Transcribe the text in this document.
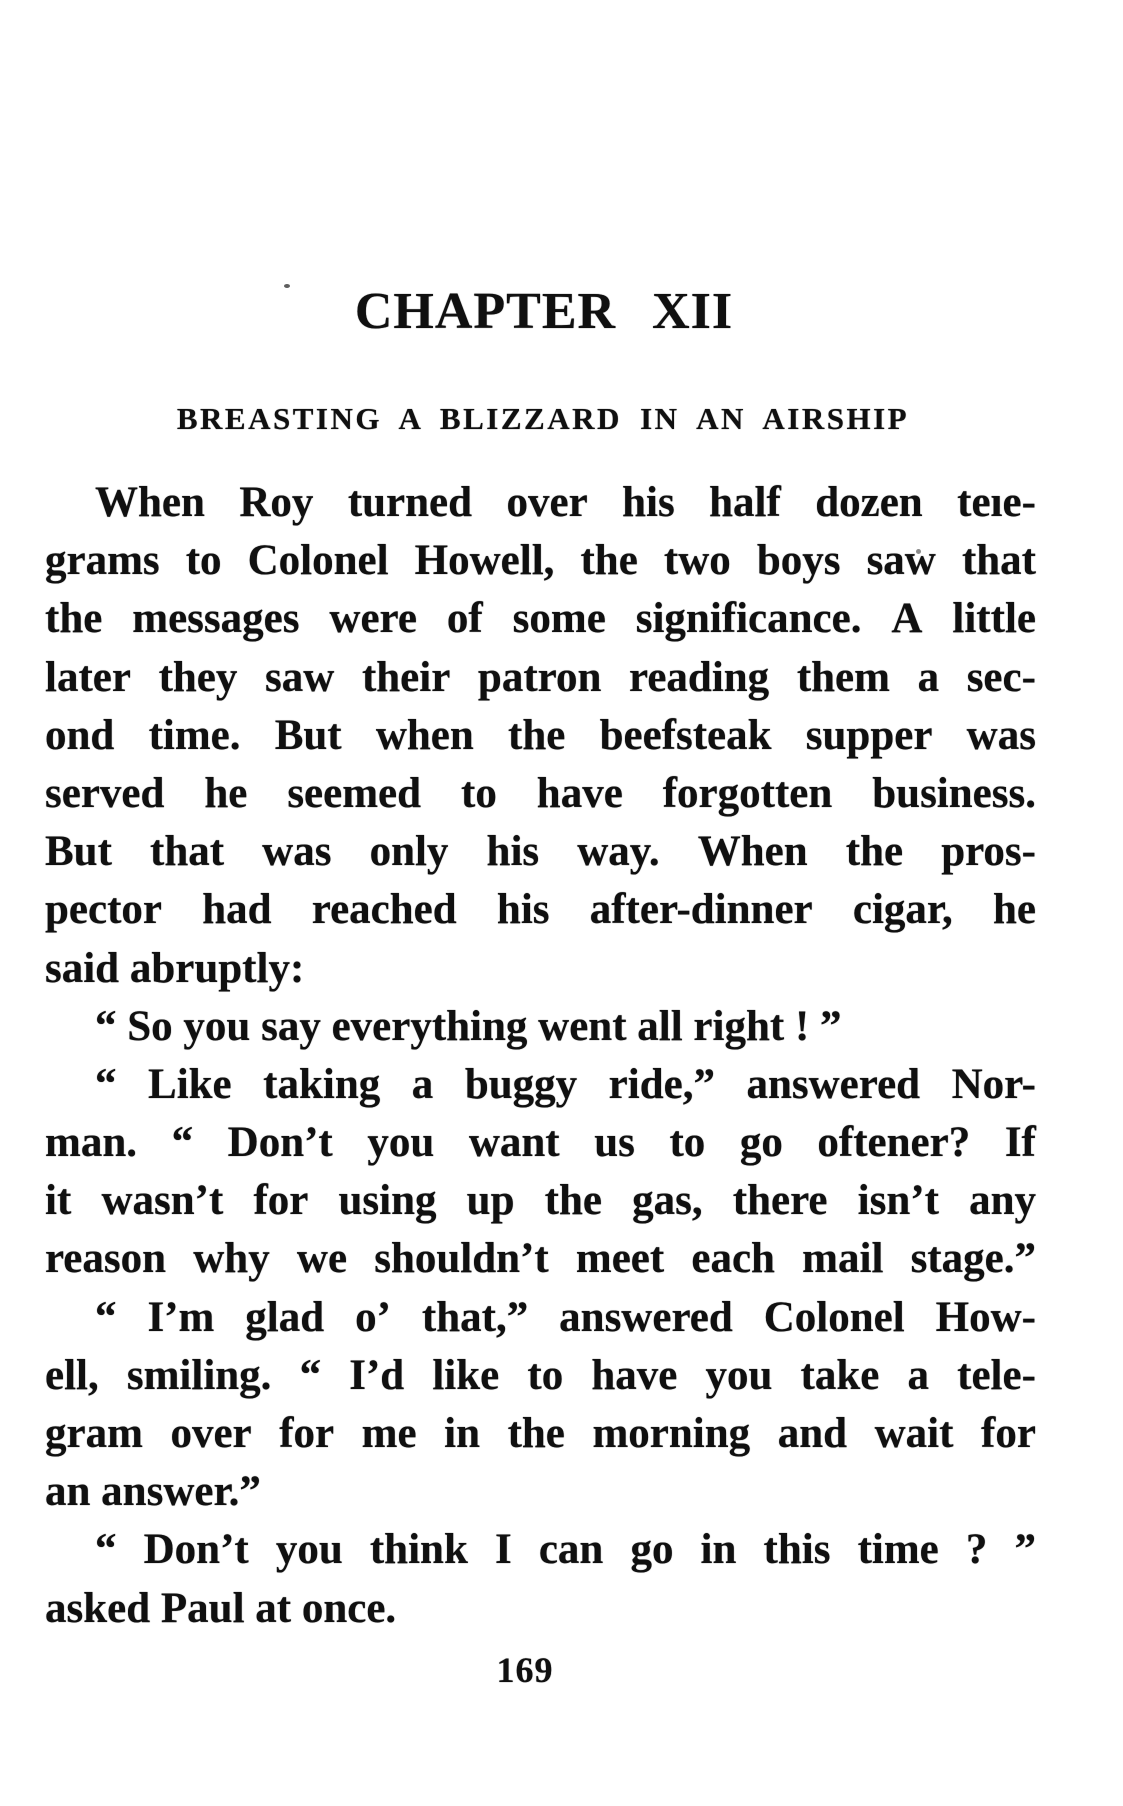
CHAPTER XII
BREASTING A BLIZZARD IN AN AIRSHIP
When Roy turned over his half dozen teıe-
grams to Colonel Howell, the two boys saw that
the messages were of some significance. A little
later they saw their patron reading them a sec-
ond time. But when the beefsteak supper was
served he seemed to have forgotten business.
But that was only his way. When the pros-
pector had reached his after-dinner cigar, he
said abruptly:
“ So you say everything went all right ! ”
“ Like taking a buggy ride,” answered Nor-
man. “ Don’t you want us to go oftener? If
it wasn’t for using up the gas, there isn’t any
reason why we shouldn’t meet each mail stage.”
“ I’m glad o’ that,” answered Colonel How-
ell, smiling. “ I’d like to have you take a tele-
gram over for me in the morning and wait for
an answer.”
“ Don’t you think I can go in this time ? ”
asked Paul at once.
169
